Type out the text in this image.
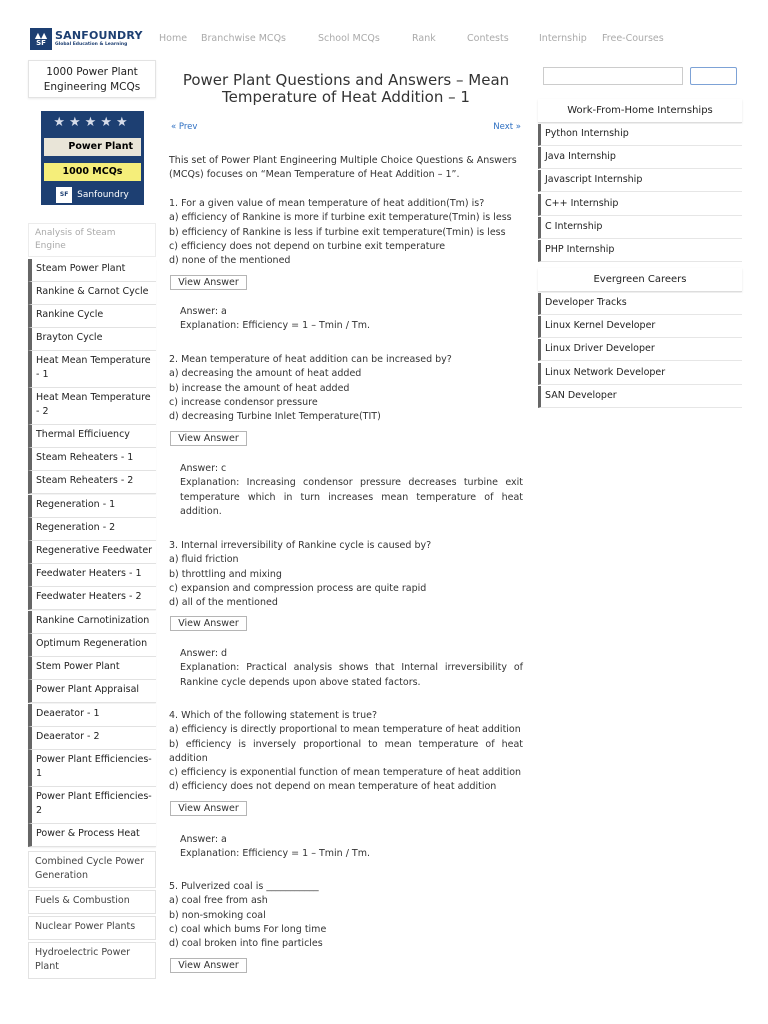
▲▲
SF
SANFOUNDRY
Global Education & Learning
Home Branchwise MCQs	School MCQs	Rank	Contests	Internship Free-Courses
1000 Power Plant Engineering MCQs
★★★★★
Power Plant
1000 MCQs
SF Sanfoundry
Analysis of Steam Engine
Steam Power Plant
Rankine & Carnot Cycle
Rankine Cycle
Brayton Cycle
Heat Mean Temperature - 1
Heat Mean Temperature - 2
Thermal Efficiuency
Steam Reheaters - 1
Steam Reheaters - 2
Regeneration - 1
Regeneration - 2
Regenerative Feedwater
Feedwater Heaters - 1
Feedwater Heaters - 2
Rankine Carnotinization
Optimum Regeneration
Stem Power Plant
Power Plant Appraisal
Deaerator - 1
Deaerator - 2
Power Plant Efficiencies-1
Power Plant Efficiencies-2
Power & Process Heat
Combined Cycle Power Generation
Fuels & Combustion
Nuclear Power Plants
Hydroelectric Power Plant
Power Plant Questions and Answers – Mean Temperature of Heat Addition – 1
« Prev	Next »

This set of Power Plant Engineering Multiple Choice Questions & Answers (MCQs) focuses on “Mean Temperature of Heat Addition – 1”.

1. For a given value of mean temperature of heat addition(Tm) is?
a) efficiency of Rankine is more if turbine exit temperature(Tmin) is less
b) efficiency of Rankine is less if turbine exit temperature(Tmin) is less
c) efficiency does not depend on turbine exit temperature
d) none of the mentioned
View Answer
Answer: a
Explanation: Efficiency = 1 – Tmin / Tm.
2. Mean temperature of heat addition can be increased by?
a) decreasing the amount of heat added
b) increase the amount of heat added
c) increase condensor pressure
d) decreasing Turbine Inlet Temperature(TIT)
View Answer
Answer: c
Explanation: Increasing condensor pressure decreases turbine exit temperature which in turn increases mean temperature of heat addition.
3. Internal irreversibility of Rankine cycle is caused by?
a) fluid friction
b) throttling and mixing
c) expansion and compression process are quite rapid
d) all of the mentioned
View Answer
Answer: d
Explanation: Practical analysis shows that Internal irreversibility of Rankine cycle depends upon above stated factors.
4. Which of the following statement is true?
a) efficiency is directly proportional to mean temperature of heat addition
b) efficiency is inversely proportional to mean temperature of heat addition
c) efficiency is exponential function of mean temperature of heat addition
d) efficiency does not depend on mean temperature of heat addition
View Answer
Answer: a
Explanation: Efficiency = 1 – Tmin / Tm.
5. Pulverized coal is ___________
a) coal free from ash
b) non-smoking coal
c) coal which bums For long time
d) coal broken into fine particles
View Answer
Work-From-Home Internships
Python Internship
Java Internship
Javascript Internship
C++ Internship
C Internship
PHP Internship
Evergreen Careers
Developer Tracks
Linux Kernel Developer
Linux Driver Developer
Linux Network Developer
SAN Developer
